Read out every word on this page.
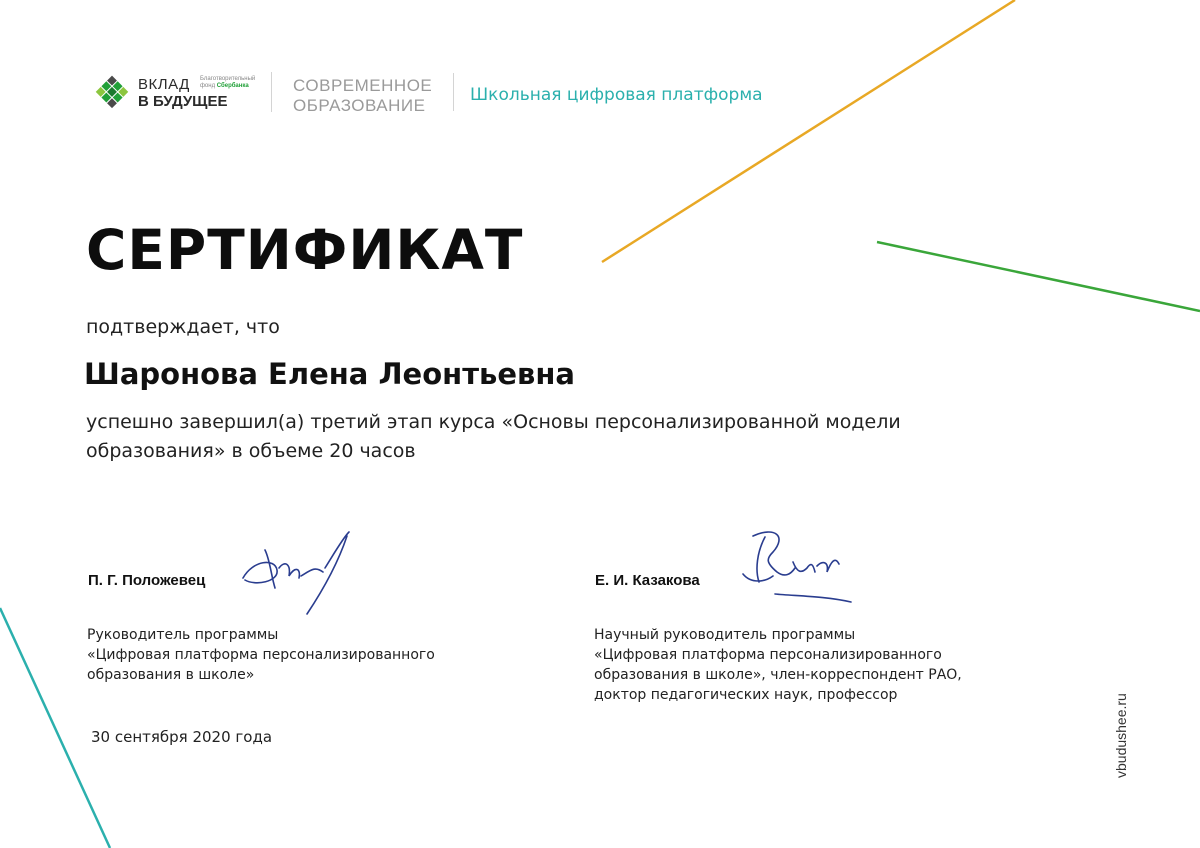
ВКЛАД
В БУДУЩЕЕ
Благотворительный
фонд Сбербанка	СОВРЕМЕННОЕ
ОБРАЗОВАНИЕ
Школьная цифровая платформа
СЕРТИФИКАТ
подтверждает, что
Шаронова Елена Леонтьевна
успешно завершил(а) третий этап курса «Основы персонализированной модели
образования» в объеме 20 часов
П. Г. Положевец
Руководитель программы
«Цифровая платформа персонализированного
образования в школе»
Е. И. Казакова
Научный руководитель программы
«Цифровая платформа персонализированного
образования в школе», член-корреспондент РАО,
доктор педагогических наук, профессор
30 сентября 2020 года	vbudushee.ru
